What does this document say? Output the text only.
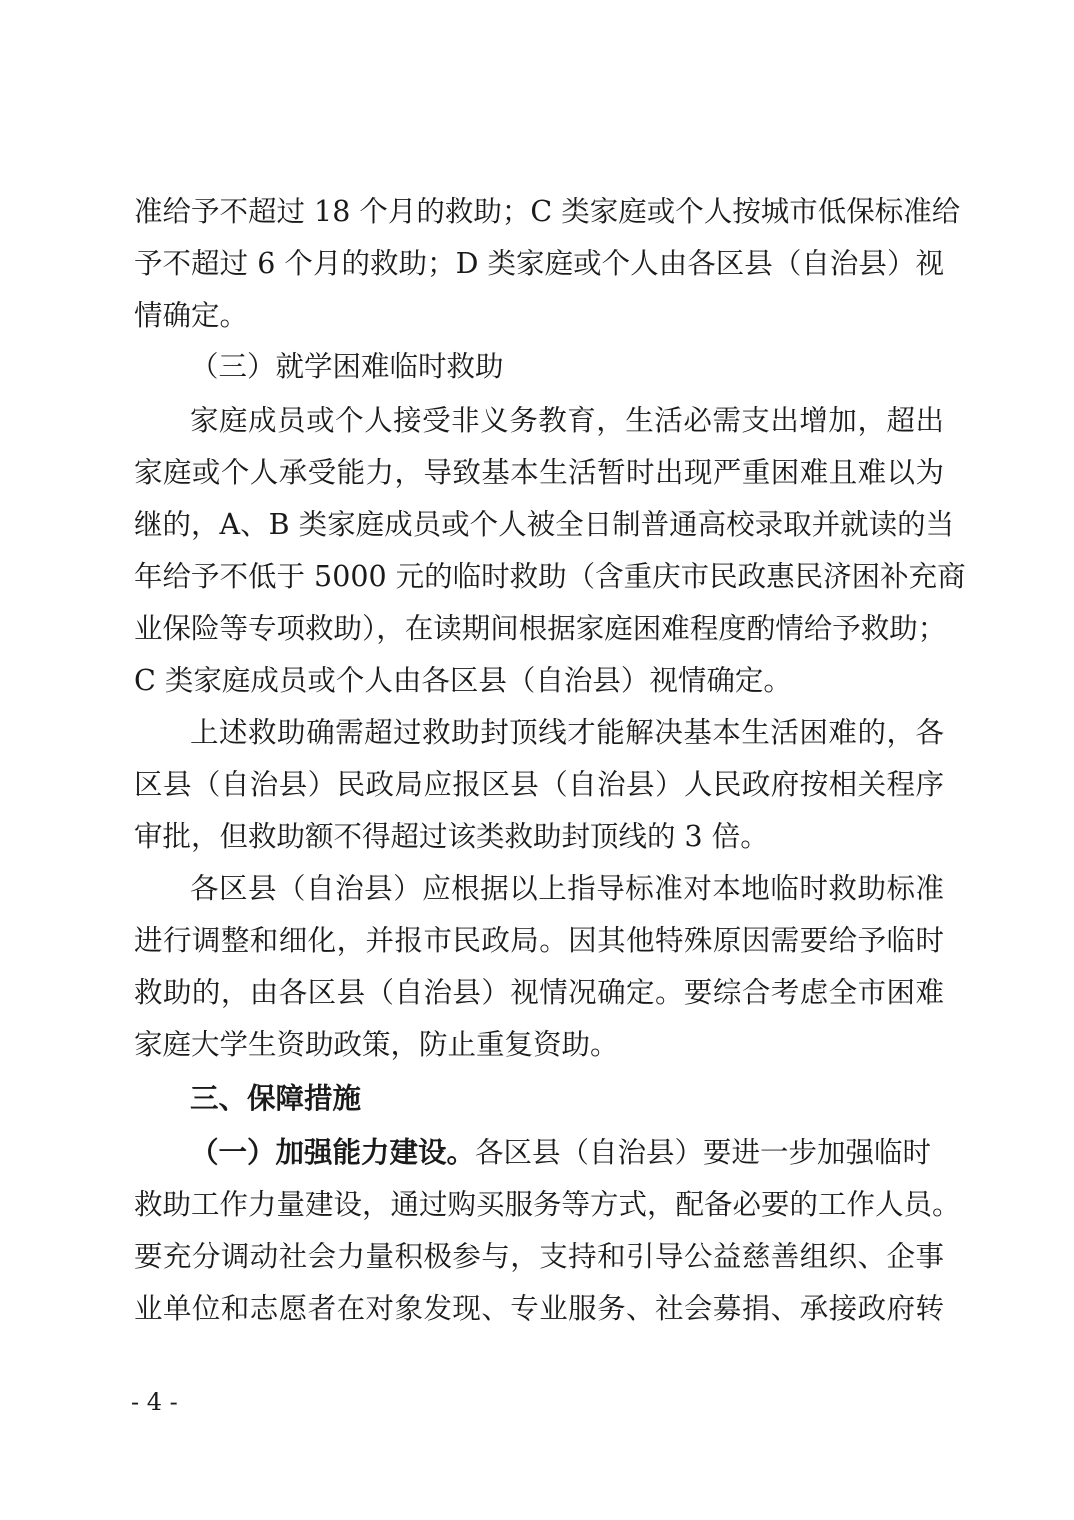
准给予不超过 18 个月的救助；C 类家庭或个人按城市低保标准给
予不超过 6 个月的救助；D 类家庭或个人由各区县（自治县）视
情确定。
（三）就学困难临时救助
家庭成员或个人接受非义务教育，生活必需支出增加，超出
家庭或个人承受能力，导致基本生活暂时出现严重困难且难以为
继的，A、B 类家庭成员或个人被全日制普通高校录取并就读的当
年给予不低于 5000 元的临时救助（含重庆市民政惠民济困补充商
业保险等专项救助），在读期间根据家庭困难程度酌情给予救助；
C 类家庭成员或个人由各区县（自治县）视情确定。
上述救助确需超过救助封顶线才能解决基本生活困难的，各
区县（自治县）民政局应报区县（自治县）人民政府按相关程序
审批，但救助额不得超过该类救助封顶线的 3 倍。
各区县（自治县）应根据以上指导标准对本地临时救助标准
进行调整和细化，并报市民政局。因其他特殊原因需要给予临时
救助的，由各区县（自治县）视情况确定。要综合考虑全市困难
家庭大学生资助政策，防止重复资助。
三、保障措施
（一）加强能力建设。各区县（自治县）要进一步加强临时
救助工作力量建设，通过购买服务等方式，配备必要的工作人员。
要充分调动社会力量积极参与，支持和引导公益慈善组织、企事
业单位和志愿者在对象发现、专业服务、社会募捐、承接政府转
- 4 -
